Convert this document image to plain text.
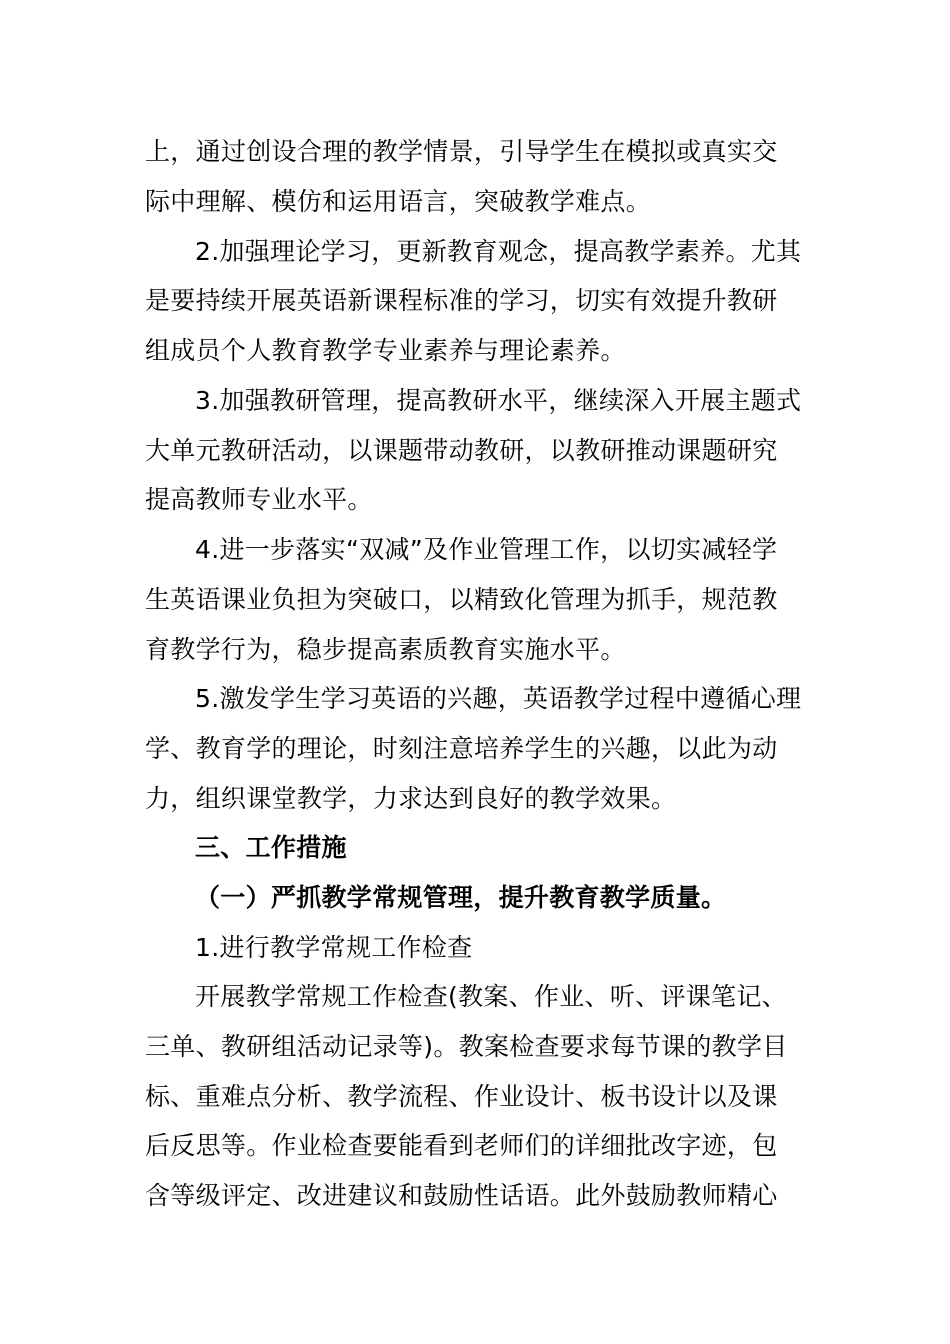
上，通过创设合理的教学情景，引导学生在模拟或真实交
际中理解、模仿和运用语言，突破教学难点。
2.加强理论学习，更新教育观念，提高教学素养。尤其
是要持续开展英语新课程标准的学习，切实有效提升教研
组成员个人教育教学专业素养与理论素养。
3.加强教研管理，提高教研水平，继续深入开展主题式
大单元教研活动，以课题带动教研，以教研推动课题研究
提高教师专业水平。
4.进一步落实“双减”及作业管理工作，以切实减轻学
生英语课业负担为突破口，以精致化管理为抓手，规范教
育教学行为，稳步提高素质教育实施水平。
5.激发学生学习英语的兴趣，英语教学过程中遵循心理
学、教育学的理论，时刻注意培养学生的兴趣，以此为动
力，组织课堂教学，力求达到良好的教学效果。
三、工作措施
（一）严抓教学常规管理，提升教育教学质量。
1.进行教学常规工作检查
开展教学常规工作检查(教案、作业、听、评课笔记、
三单、教研组活动记录等)。教案检查要求每节课的教学目
标、重难点分析、教学流程、作业设计、板书设计以及课
后反思等。作业检查要能看到老师们的详细批改字迹，包
含等级评定、改进建议和鼓励性话语。此外鼓励教师精心
